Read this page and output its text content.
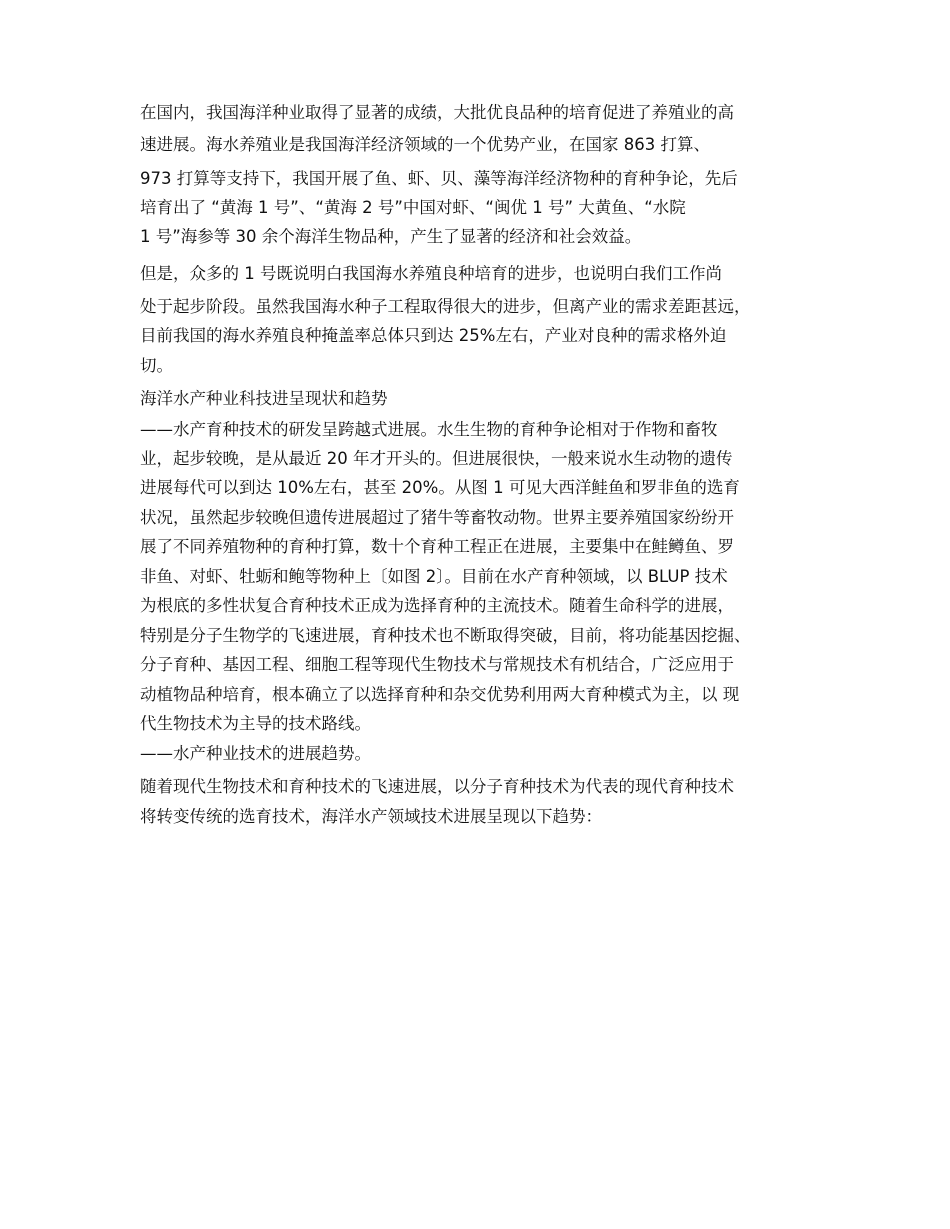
在国内，我国海洋种业取得了显著的成绩，大批优良品种的培育促进了养殖业的高
速进展。海水养殖业是我国海洋经济领域的一个优势产业，在国家 863 打算、
973 打算等支持下，我国开展了鱼、虾、贝、藻等海洋经济物种的育种争论，先后
培育出了 “黄海 1 号”、“黄海 2 号”中国对虾、“闽优 1 号” 大黄鱼、“水院
1 号”海参等 30 余个海洋生物品种，产生了显著的经济和社会效益。
但是，众多的 1 号既说明白我国海水养殖良种培育的进步，也说明白我们工作尚
处于起步阶段。虽然我国海水种子工程取得很大的进步，但离产业的需求差距甚远，
目前我国的海水养殖良种掩盖率总体只到达 25%左右，产业对良种的需求格外迫
切。
海洋水产种业科技进呈现状和趋势
——水产育种技术的研发呈跨越式进展。水生生物的育种争论相对于作物和畜牧
业，起步较晚，是从最近 20 年才开头的。但进展很快，一般来说水生动物的遗传
进展每代可以到达 10%左右，甚至 20%。从图 1 可见大西洋鲑鱼和罗非鱼的选育
状况，虽然起步较晚但遗传进展超过了猪牛等畜牧动物。世界主要养殖国家纷纷开
展了不同养殖物种的育种打算，数十个育种工程正在进展，主要集中在鲑鳟鱼、罗
非鱼、对虾、牡蛎和鲍等物种上〔如图 2〕。目前在水产育种领域，以 BLUP 技术
为根底的多性状复合育种技术正成为选择育种的主流技术。随着生命科学的进展，
特别是分子生物学的飞速进展，育种技术也不断取得突破，目前，将功能基因挖掘、
分子育种、基因工程、细胞工程等现代生物技术与常规技术有机结合，广泛应用于
动植物品种培育，根本确立了以选择育种和杂交优势利用两大育种模式为主，以 现
代生物技术为主导的技术路线。
——水产种业技术的进展趋势。
随着现代生物技术和育种技术的飞速进展，以分子育种技术为代表的现代育种技术
将转变传统的选育技术，海洋水产领域技术进展呈现以下趋势：
